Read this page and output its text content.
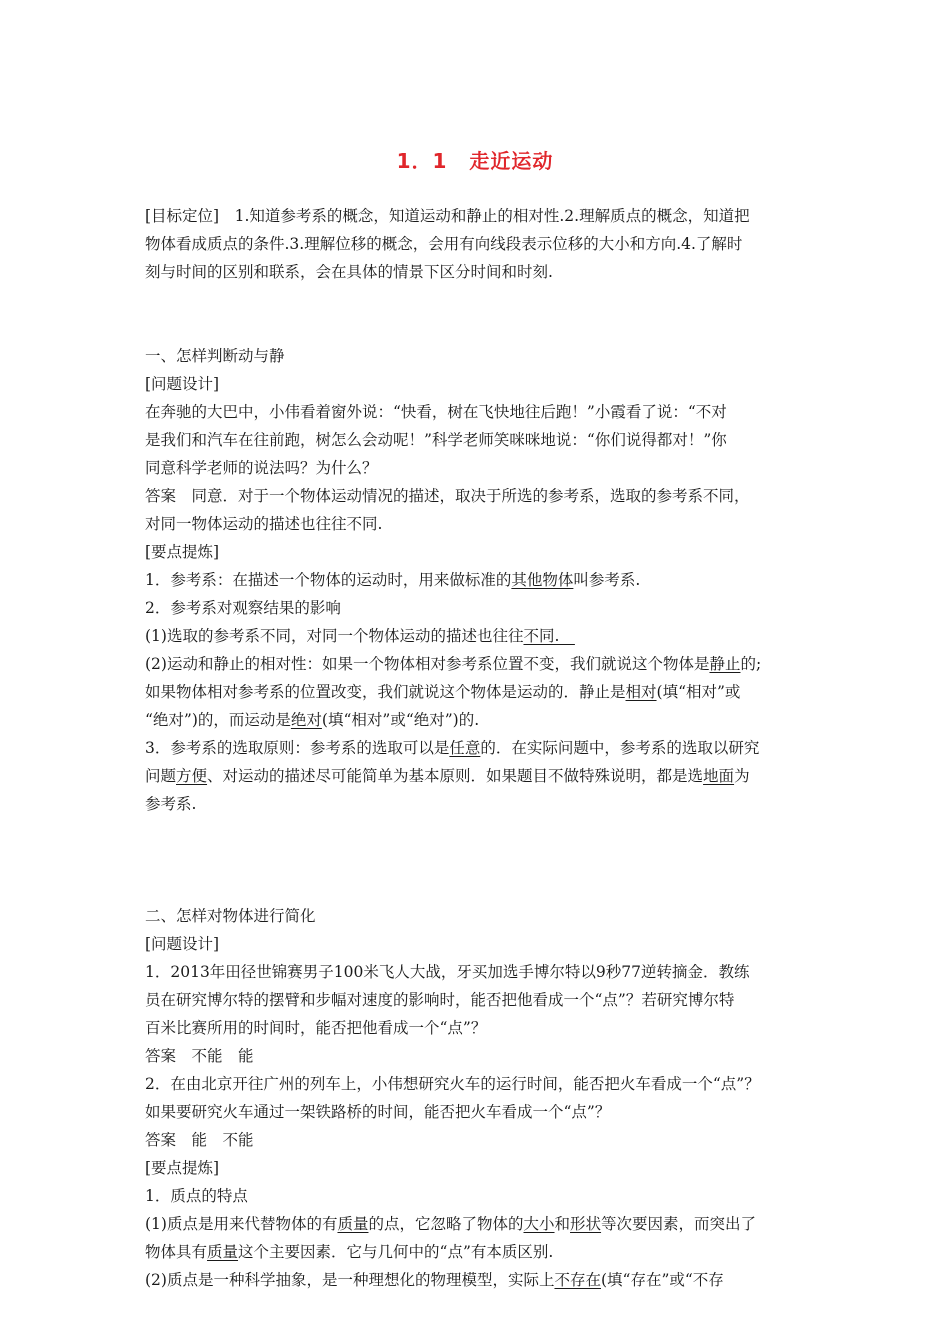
1．1 走近运动
[目标定位]　1.知道参考系的概念，知道运动和静止的相对性.2.理解质点的概念，知道把
物体看成质点的条件.3.理解位移的概念，会用有向线段表示位移的大小和方向.4.了解时
刻与时间的区别和联系，会在具体的情景下区分时间和时刻.
一、怎样判断动与静
[问题设计]
在奔驰的大巴中，小伟看着窗外说：“快看，树在飞快地往后跑！”小霞看了说：“不对
是我们和汽车在往前跑，树怎么会动呢！”科学老师笑咪咪地说：“你们说得都对！”你
同意科学老师的说法吗？为什么？
答案　同意．对于一个物体运动情况的描述，取决于所选的参考系，选取的参考系不同，
对同一物体运动的描述也往往不同.
[要点提炼]
1．参考系：在描述一个物体的运动时，用来做标准的其他物体叫参考系.
2．参考系对观察结果的影响
(1)选取的参考系不同，对同一个物体运动的描述也往往不同.　
(2)运动和静止的相对性：如果一个物体相对参考系位置不变，我们就说这个物体是静止的;
如果物体相对参考系的位置改变，我们就说这个物体是运动的．静止是相对(填“相对”或
“绝对”)的，而运动是绝对(填“相对”或“绝对”)的.
3．参考系的选取原则：参考系的选取可以是任意的．在实际问题中，参考系的选取以研究
问题方便、对运动的描述尽可能简单为基本原则．如果题目不做特殊说明，都是选地面为
参考系.
二、怎样对物体进行简化
[问题设计]
1．2013年田径世锦赛男子100米飞人大战，牙买加选手博尔特以9秒77逆转摘金．教练
员在研究博尔特的摆臂和步幅对速度的影响时，能否把他看成一个“点”？若研究博尔特
百米比赛所用的时间时，能否把他看成一个“点”？
答案　不能　能
2．在由北京开往广州的列车上，小伟想研究火车的运行时间，能否把火车看成一个“点”？
如果要研究火车通过一架铁路桥的时间，能否把火车看成一个“点”？
答案　能　不能
[要点提炼]
1．质点的特点
(1)质点是用来代替物体的有质量的点，它忽略了物体的大小和形状等次要因素，而突出了
物体具有质量这个主要因素．它与几何中的“点”有本质区别.
(2)质点是一种科学抽象，是一种理想化的物理模型，实际上不存在(填“存在”或“不存
